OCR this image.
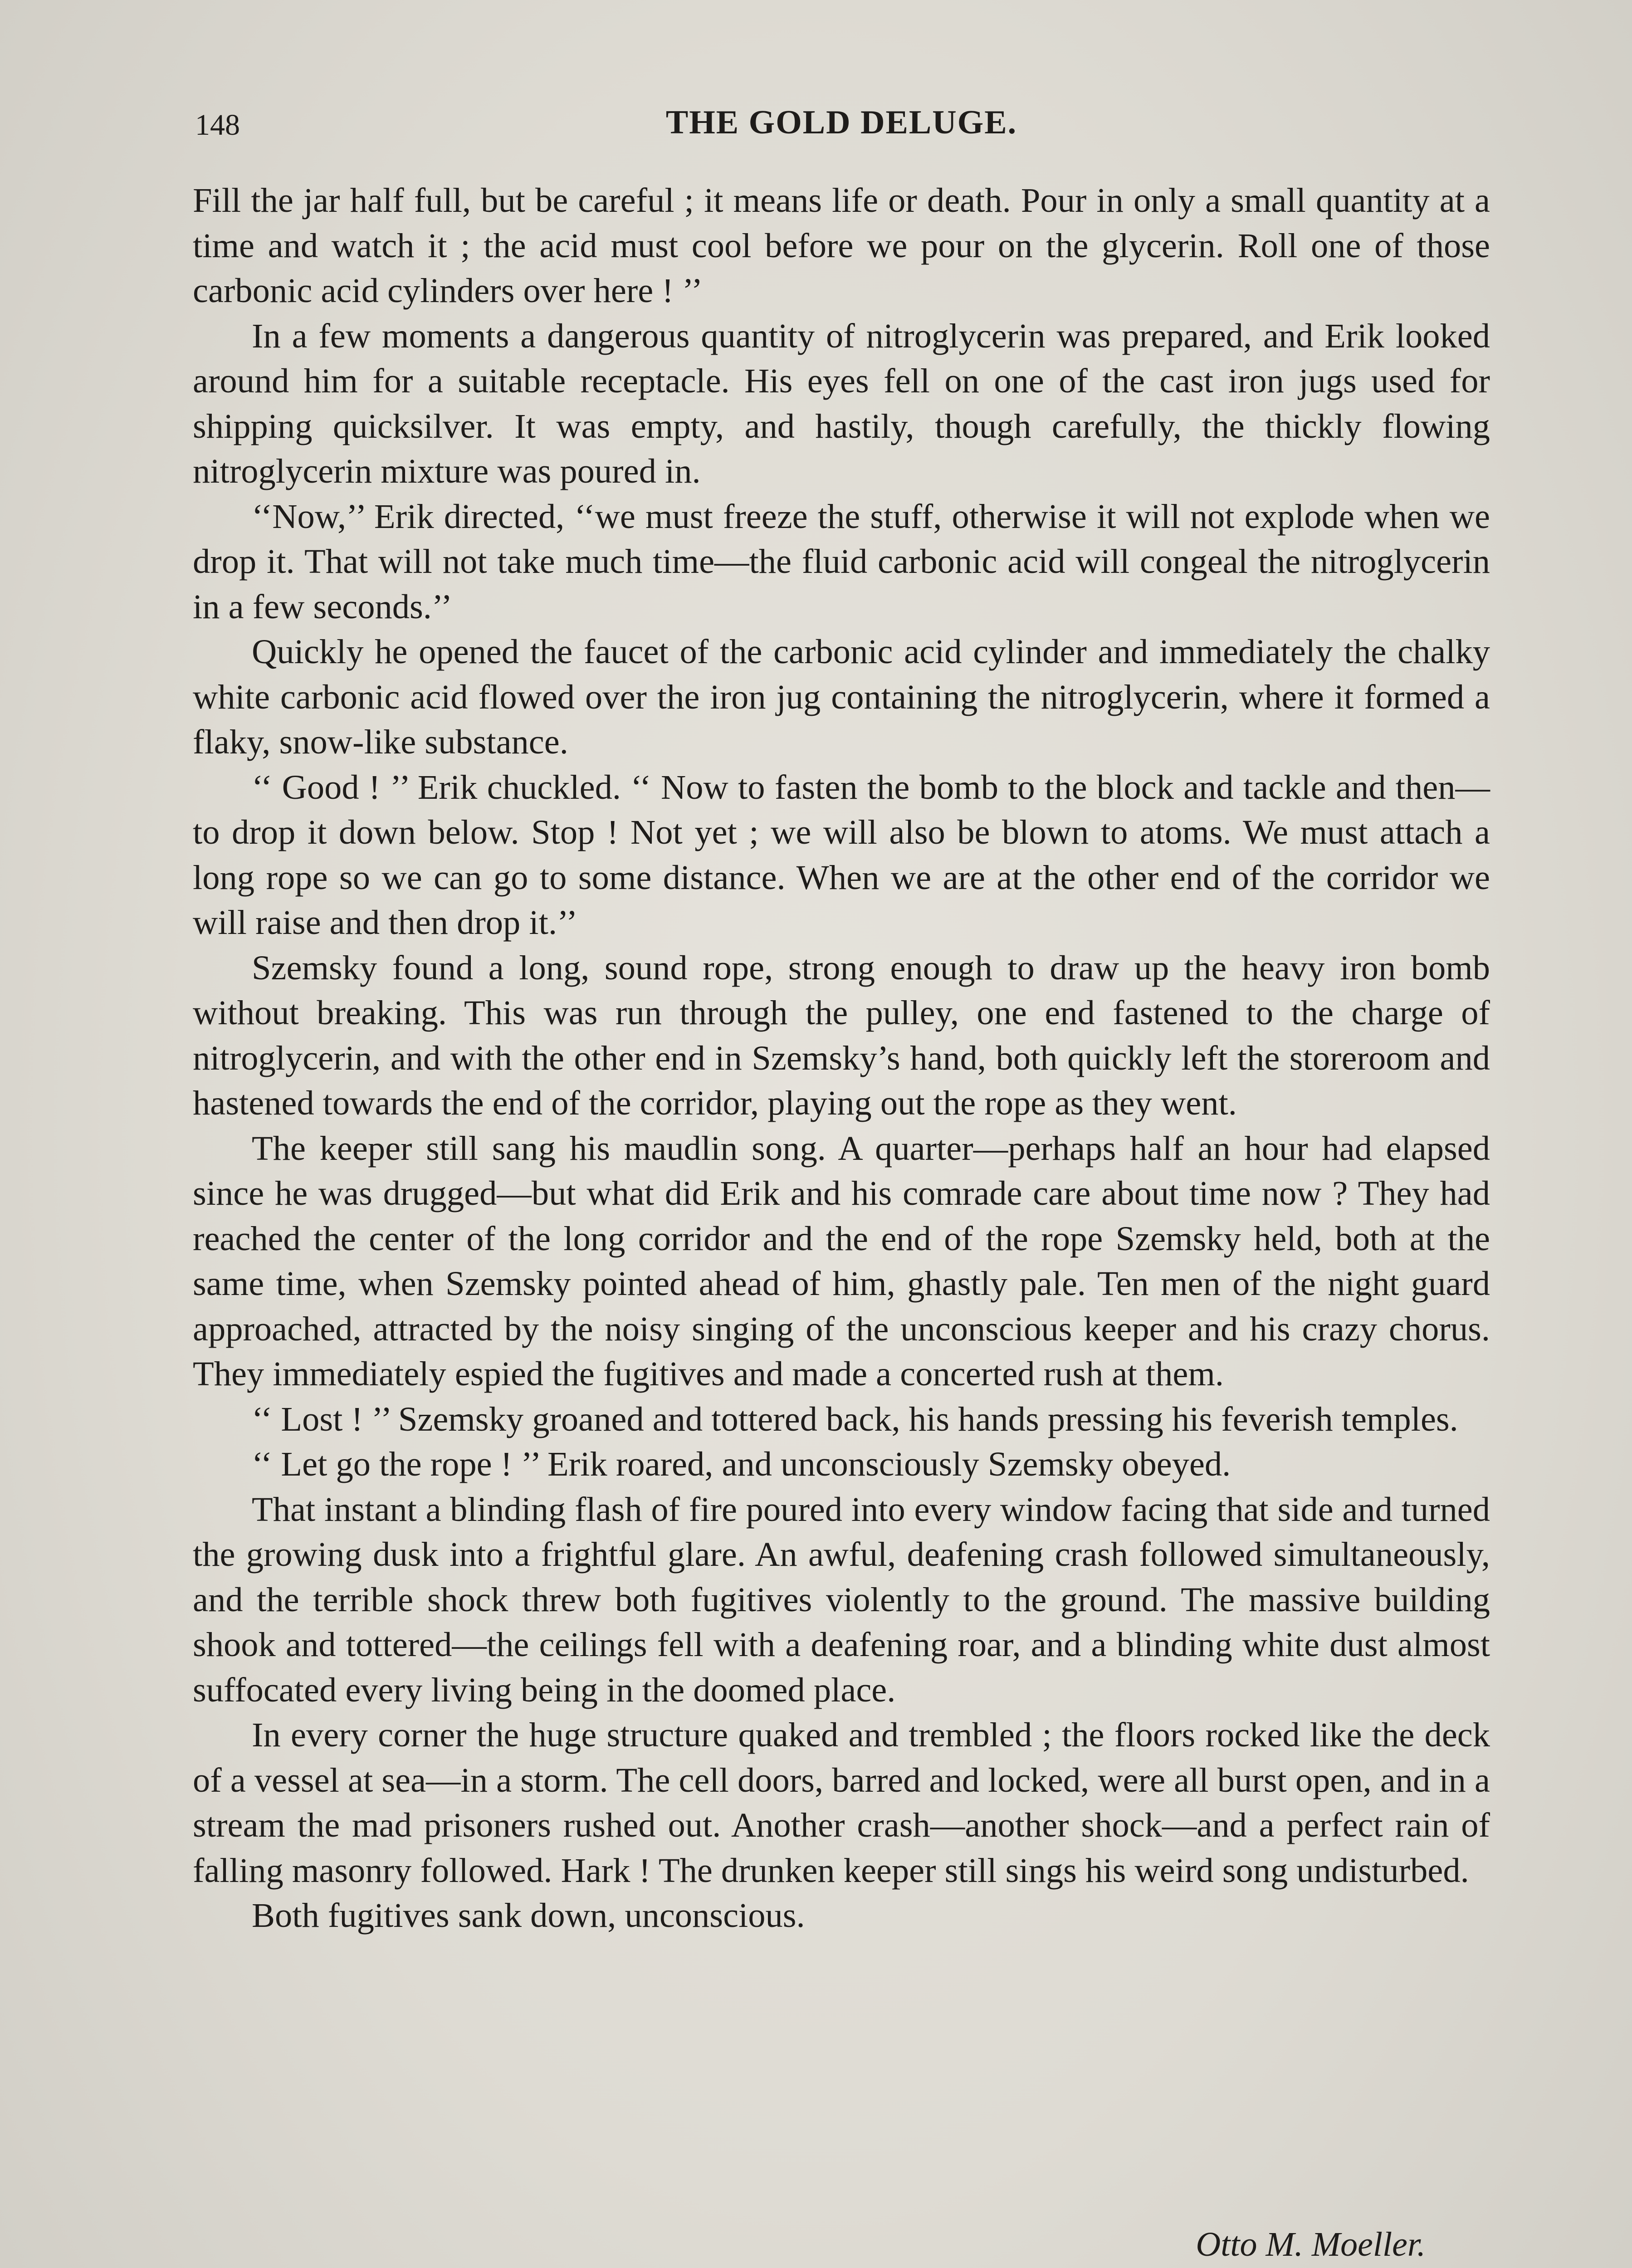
148	THE GOLD DELUGE.

Fill the jar half full, but be careful ; it means life or death. Pour in only a small quantity at a time and watch it ; the acid must cool before we pour on the glycerin. Roll one of those carbonic acid cylinders over here ! ’’

In a few moments a dangerous quantity of nitroglycerin was prepared, and Erik looked around him for a suitable receptacle. His eyes fell on one of the cast iron jugs used for shipping quicksilver. It was empty, and hastily, though carefully, the thickly flowing nitroglycerin mixture was poured in.

‘‘Now,’’ Erik directed, ‘‘we must freeze the stuff, otherwise it will not explode when we drop it. That will not take much time—the fluid carbonic acid will congeal the nitroglycerin in a few seconds.’’

Quickly he opened the faucet of the carbonic acid cylinder and immediately the chalky white carbonic acid flowed over the iron jug containing the nitroglycerin, where it formed a flaky, snow-like substance.

‘‘ Good ! ’’ Erik chuckled. ‘‘ Now to fasten the bomb to the block and tackle and then—to drop it down below. Stop ! Not yet ; we will also be blown to atoms. We must attach a long rope so we can go to some distance. When we are at the other end of the corridor we will raise and then drop it.’’

Szemsky found a long, sound rope, strong enough to draw up the heavy iron bomb without breaking. This was run through the pulley, one end fastened to the charge of nitroglycerin, and with the other end in Szemsky’s hand, both quickly left the storeroom and hastened towards the end of the corridor, playing out the rope as they went.

The keeper still sang his maudlin song. A quarter—perhaps half an hour had elapsed since he was drugged—but what did Erik and his comrade care about time now ? They had reached the center of the long corridor and the end of the rope Szemsky held, both at the same time, when Szemsky pointed ahead of him, ghastly pale. Ten men of the night guard approached, attracted by the noisy singing of the unconscious keeper and his crazy chorus. They immediately espied the fugitives and made a concerted rush at them.

‘‘ Lost ! ’’ Szemsky groaned and tottered back, his hands pressing his feverish temples.

‘‘ Let go the rope ! ’’ Erik roared, and unconsciously Szemsky obeyed.

That instant a blinding flash of fire poured into every window facing that side and turned the growing dusk into a frightful glare. An awful, deafening crash followed simultaneously, and the terrible shock threw both fugitives violently to the ground. The massive building shook and tottered—the ceilings fell with a deafening roar, and a blinding white dust almost suffocated every living being in the doomed place.

In every corner the huge structure quaked and trembled ; the floors rocked like the deck of a vessel at sea—in a storm. The cell doors, barred and locked, were all burst open, and in a stream the mad prisoners rushed out. Another crash—another shock—and a perfect rain of falling masonry followed. Hark ! The drunken keeper still sings his weird song undisturbed.

Both fugitives sank down, unconscious.

Otto M. Moeller.
